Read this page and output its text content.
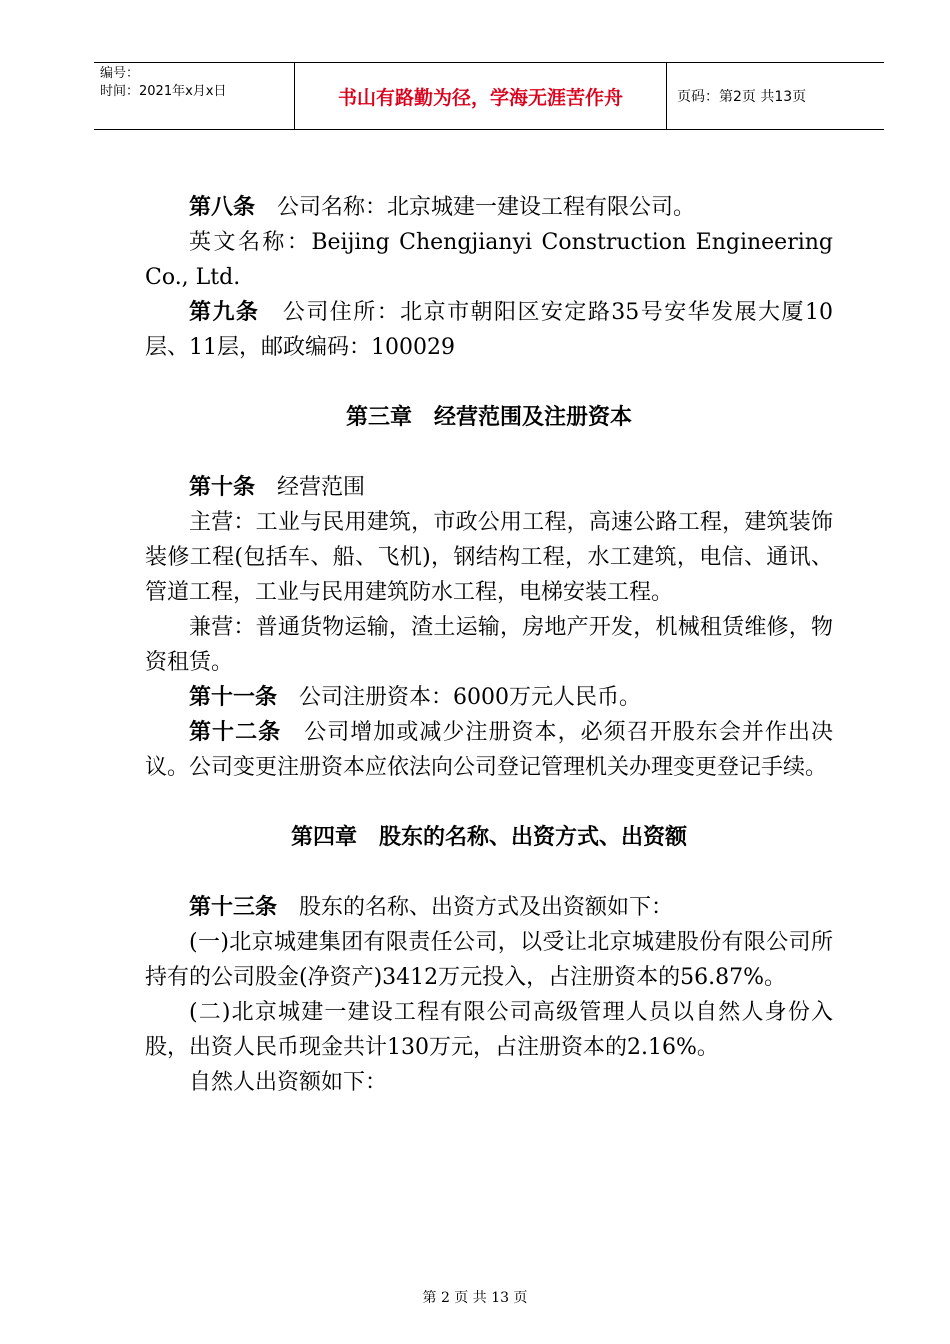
编号：
时间：2021年x月x日	书山有路勤为径，学海无涯苦作舟	页码：第2页 共13页

第八条　 公司名称：北京城建一建设工程有限公司。

英文名称：Beijing Chengjianyi Construction Engineering Co., Ltd.

第九条　 公司住所：北京市朝阳区安定路35号安华发展大厦10层、11层，邮政编码：100029

第三章　经营范围及注册资本

第十条　 经营范围

主营：工业与民用建筑，市政公用工程，高速公路工程，建筑装饰装修工程(包括车、船、飞机)，钢结构工程，水工建筑，电信、通讯、管道工程，工业与民用建筑防水工程，电梯安装工程。

兼营：普通货物运输，渣土运输，房地产开发，机械租赁维修，物资租赁。

第十一条　 公司注册资本：6000万元人民币。

第十二条　 公司增加或减少注册资本，必须召开股东会并作出决议。公司变更注册资本应依法向公司登记管理机关办理变更登记手续。

第四章　股东的名称、出资方式、出资额

第十三条　 股东的名称、出资方式及出资额如下：

(一)北京城建集团有限责任公司，以受让北京城建股份有限公司所持有的公司股金(净资产)3412万元投入，占注册资本的56.87%。

(二)北京城建一建设工程有限公司高级管理人员以自然人身份入股，出资人民币现金共计130万元，占注册资本的2.16%。

自然人出资额如下：

第 2 页 共 13 页
